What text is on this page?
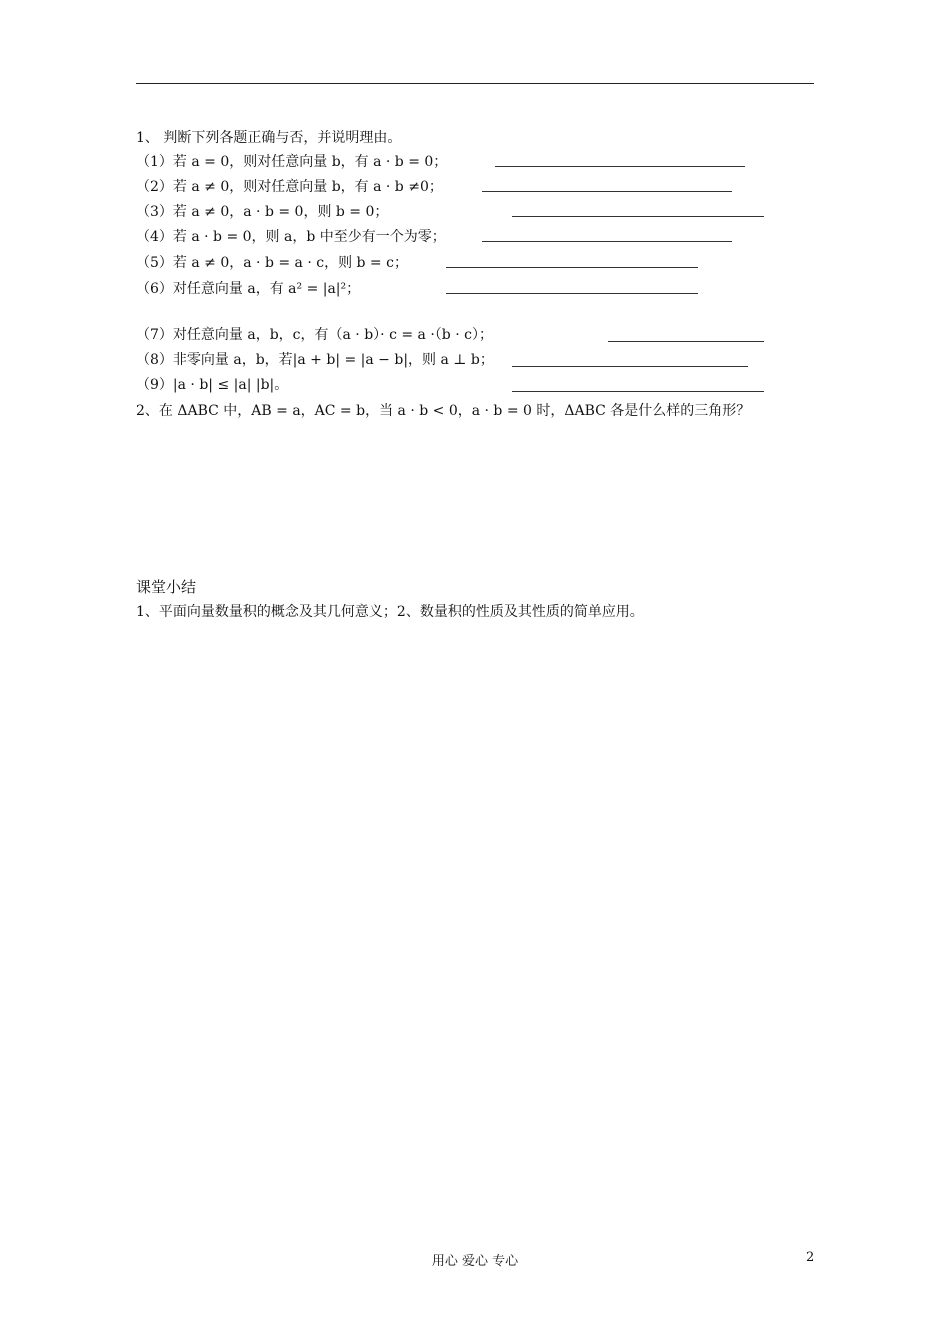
1、 判断下列各题正确与否，并说明理由。
（1）若 a = 0，则对任意向量 b，有 a · b = 0；
（2）若 a ≠ 0，则对任意向量 b，有 a · b ≠0；
（3）若 a ≠ 0，a · b = 0，则 b = 0；
（4）若 a · b = 0，则 a，b 中至少有一个为零；
（5）若 a ≠ 0，a · b = a · c，则 b = c；
（6）对任意向量 a，有 a² = |a|²；
（7）对任意向量 a，b，c，有（a · b）· c = a ·（b · c）；
（8）非零向量 a，b，若|a + b| = |a − b|，则 a ⊥ b；
（9）|a · b| ≤ |a| |b|。
2、在 ΔABC 中，AB = a，AC = b，当 a · b < 0，a · b = 0 时，ΔABC 各是什么样的三角形？
课堂小结
1、平面向量数量积的概念及其几何意义；2、数量积的性质及其性质的简单应用。
用心 爱心 专心	2
